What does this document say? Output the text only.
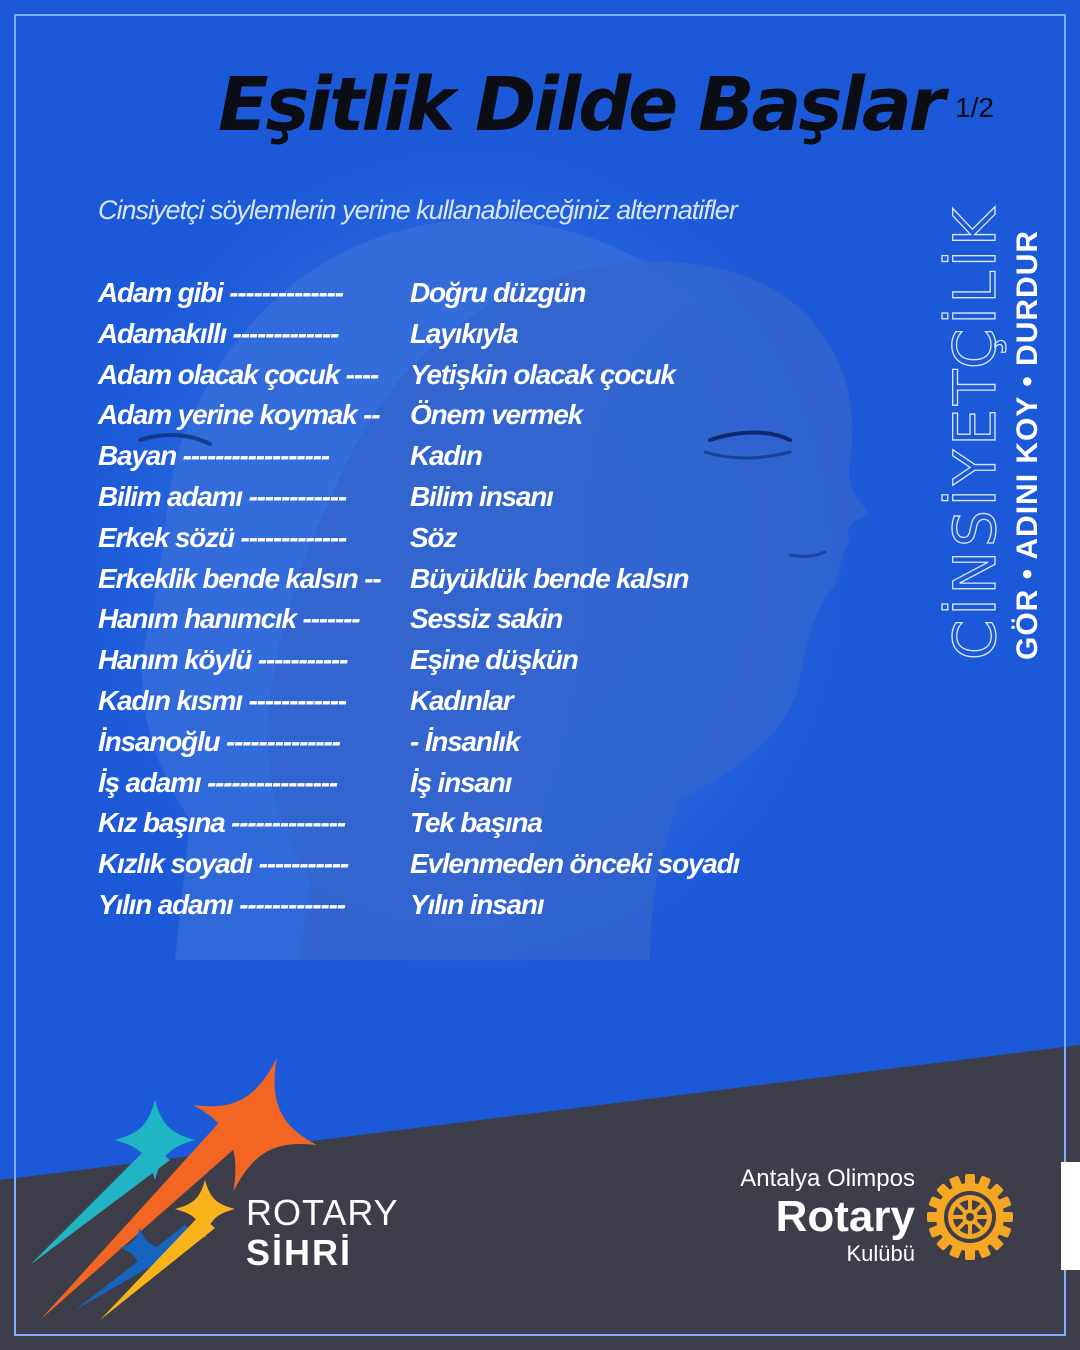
Eşitlik Dilde Başlar 1/2
Cinsiyetçi söylemlerin yerine kullanabileceğiniz alternatifler
Adam gibi -------------- Doğru düzgün
Adamakıllı -------------	Layıkıyla
Adam olacak çocuk ---- Yetişkin olacak çocuk
Adam yerine koymak -- Önem vermek
Bayan ------------------	Kadın
Bilim adamı ------------ Bilim insanı
Erkek sözü ------------- Söz
Erkeklik bende kalsın -- Büyüklük bende kalsın
Hanım hanımcık ------- Sessiz sakin
Hanım köylü ----------- Eşine düşkün
Kadın kısmı ------------ Kadınlar
İnsanoğlu --------------	- İnsanlık
İş adamı ----------------	İş insanı
Kız başına -------------- Tek başına
Kızlık soyadı ----------- Evlenmeden önceki soyadı
Yılın adamı ------------- Yılın insanı
CİNSİYETÇİLİK GÖR • ADINI KOY • DURDUR
ROTARY
SİHRİ
Antalya Olimpos
Rotary
Kulübü
